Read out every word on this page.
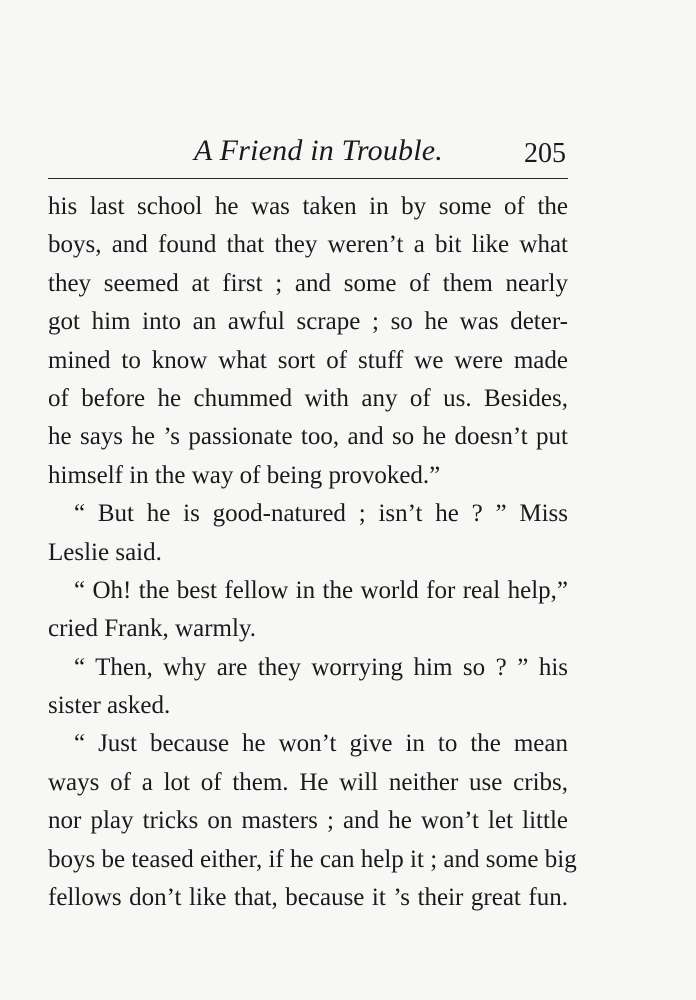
A Friend in Trouble.	205
his last school he was taken in by some of the
boys, and found that they weren’t a bit like what
they seemed at first ; and some of them nearly
got him into an awful scrape ; so he was deter-
mined to know what sort of stuff we were made
of before he chummed with any of us. Besides,
he says he ’s passionate too, and so he doesn’t put
himself in the way of being provoked.”
“ But he is good-natured ; isn’t he ? ” Miss
Leslie said.
“ Oh! the best fellow in the world for real help,”
cried Frank, warmly.
“ Then, why are they worrying him so ? ” his
sister asked.
“ Just because he won’t give in to the mean
ways of a lot of them. He will neither use cribs,
nor play tricks on masters ; and he won’t let little
boys be teased either, if he can help it ; and some big
fellows don’t like that, because it ’s their great fun.
